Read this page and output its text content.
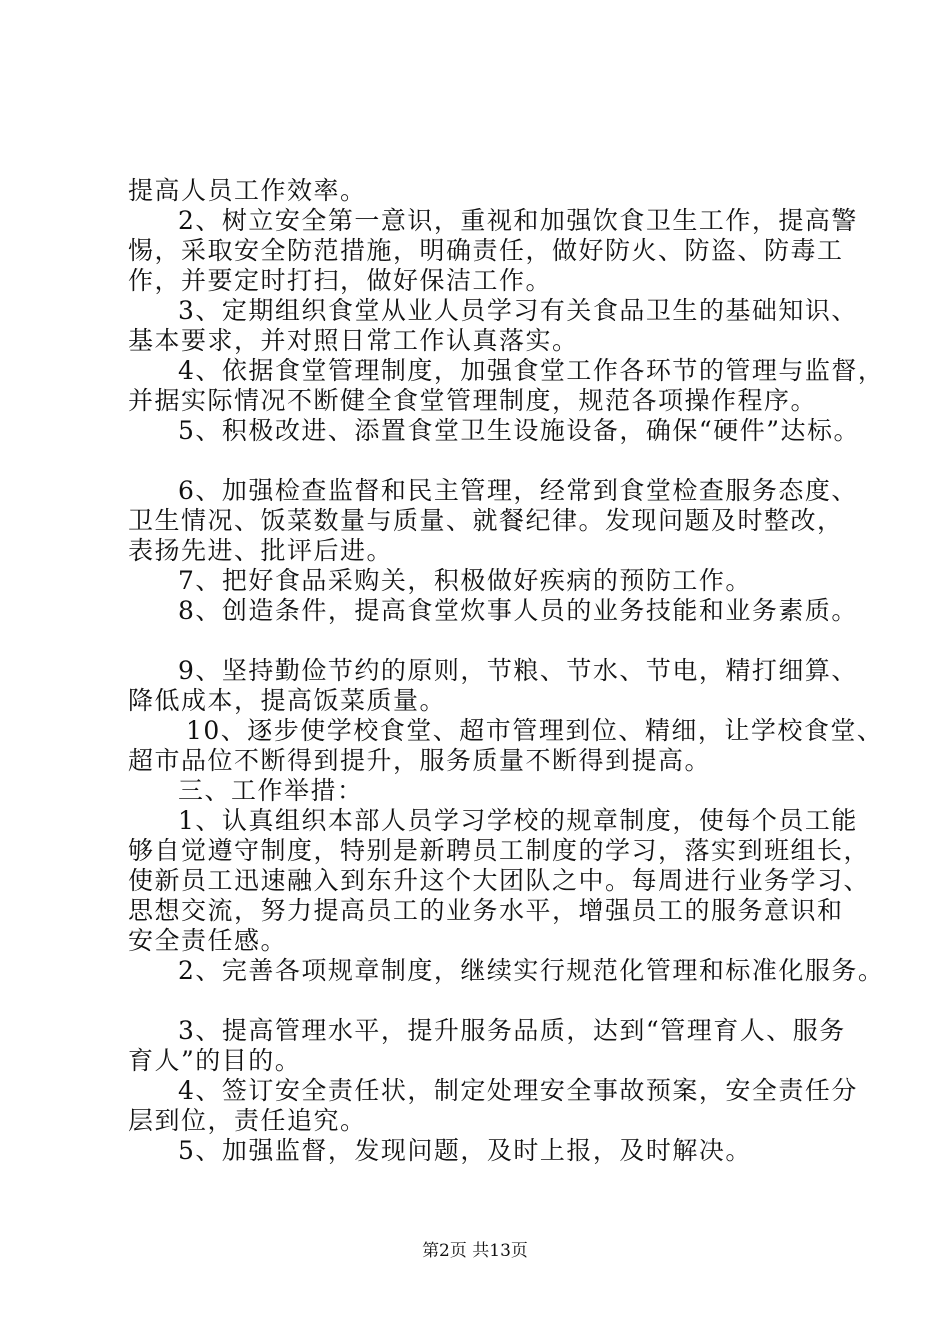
提高人员工作效率。

2、树立安全第一意识，重视和加强饮食卫生工作，提高警

惕，采取安全防范措施，明确责任，做好防火、防盗、防毒工

作，并要定时打扫，做好保洁工作。

3、定期组织食堂从业人员学习有关食品卫生的基础知识、

基本要求，并对照日常工作认真落实。

4、依据食堂管理制度，加强食堂工作各环节的管理与监督，

并据实际情况不断健全食堂管理制度，规范各项操作程序。

5、积极改进、添置食堂卫生设施设备，确保“硬件”达标。

6、加强检查监督和民主管理，经常到食堂检查服务态度、

卫生情况、饭菜数量与质量、就餐纪律。发现问题及时整改，

表扬先进、批评后进。

7、把好食品采购关，积极做好疾病的预防工作。

8、创造条件，提高食堂炊事人员的业务技能和业务素质。

9、坚持勤俭节约的原则，节粮、节水、节电，精打细算、

降低成本，提高饭菜质量。

10、逐步使学校食堂、超市管理到位、精细，让学校食堂、

超市品位不断得到提升，服务质量不断得到提高。

三、工作举措：

1、认真组织本部人员学习学校的规章制度，使每个员工能

够自觉遵守制度，特别是新聘员工制度的学习，落实到班组长，

使新员工迅速融入到东升这个大团队之中。每周进行业务学习、

思想交流，努力提高员工的业务水平，增强员工的服务意识和

安全责任感。

2、完善各项规章制度，继续实行规范化管理和标准化服务。

3、提高管理水平，提升服务品质，达到“管理育人、服务

育人”的目的。

4、签订安全责任状，制定处理安全事故预案，安全责任分

层到位，责任追究。

5、加强监督，发现问题，及时上报，及时解决。

第2页 共13页
